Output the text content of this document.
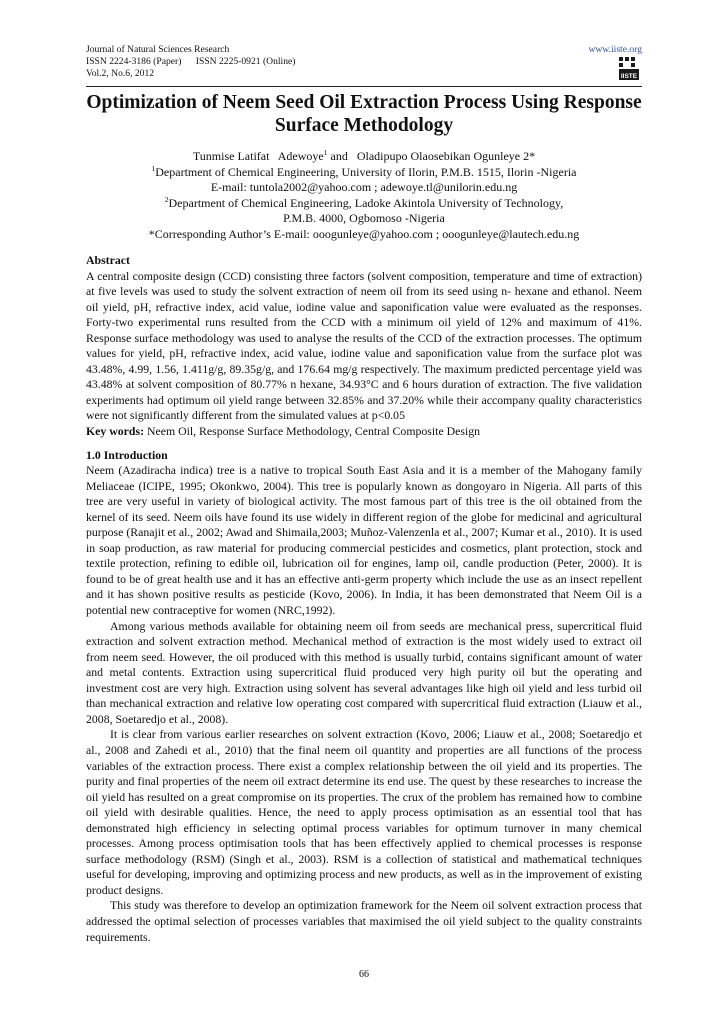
Journal of Natural Sciences Research
ISSN 2224-3186 (Paper)      ISSN 2225-0921 (Online)
Vol.2, No.6, 2012
www.iiste.org
IISTE
Optimization of Neem Seed Oil Extraction Process Using Response
Surface Methodology
Tunmise Latifat   Adewoye$^1$ and   Oladipupo Olaosebikan Ogunleye 2*
$^1$Department of Chemical Engineering, University of Ilorin, P.M.B. 1515, Ilorin -Nigeria
E-mail: tuntola2002@yahoo.com ; adewoye.tl@unilorin.edu.ng
$^2$Department of Chemical Engineering, Ladoke Akintola University of Technology,
P.M.B. 4000, Ogbomoso -Nigeria
*Corresponding Author’s E-mail: ooogunleye@yahoo.com ; ooogunleye@lautech.edu.ng

Abstract

A central composite design (CCD) consisting three factors (solvent composition, temperature and time of extraction) at five levels was used to study the solvent extraction of neem oil from its seed using n- hexane and ethanol. Neem oil yield, pH, refractive index, acid value, iodine value and saponification value were evaluated as the responses. Forty-two experimental runs resulted from the CCD with a minimum oil yield of 12% and maximum of 41%. Response surface methodology was used to analyse the results of the CCD of the extraction processes. The optimum values for yield, pH, refractive index, acid value, iodine value and saponification value from the surface plot was 43.48%, 4.99, 1.56, 1.411g/g, 89.35g/g, and 176.64 mg/g respectively. The maximum predicted percentage yield was 43.48% at solvent composition of 80.77% n hexane, 34.93°C and 6 hours duration of extraction. The five validation experiments had optimum oil yield range between 32.85% and 37.20% while their accompany quality characteristics were not significantly different from the simulated values at p<0.05

Key words: Neem Oil, Response Surface Methodology, Central Composite Design

1.0 Introduction

Neem (Azadiracha indica) tree is a native to tropical South East Asia and it is a member of the Mahogany family Meliaceae (ICIPE, 1995; Okonkwo, 2004). This tree is popularly known as dongoyaro in Nigeria. All parts of this tree are very useful in variety of biological activity. The most famous part of this tree is the oil obtained from the kernel of its seed. Neem oils have found its use widely in different region of the globe for medicinal and agricultural purpose (Ranajit et al., 2002; Awad and Shimaila,2003; Muñoz-Valenzenla et al., 2007; Kumar et al., 2010). It is used in soap production, as raw material for producing commercial pesticides and cosmetics, plant protection, stock and textile protection, refining to edible oil, lubrication oil for engines, lamp oil, candle production (Peter, 2000). It is found to be of great health use and it has an effective anti-germ property which include the use as an insect repellent and it has shown positive results as pesticide (Kovo, 2006). In India, it has been demonstrated that Neem Oil is a potential new contraceptive for women (NRC,1992).

Among various methods available for obtaining neem oil from seeds are mechanical press, supercritical fluid extraction and solvent extraction method. Mechanical method of extraction is the most widely used to extract oil from neem seed. However, the oil produced with this method is usually turbid, contains significant amount of water and metal contents. Extraction using supercritical fluid produced very high purity oil but the operating and investment cost are very high. Extraction using solvent has several advantages like high oil yield and less turbid oil than mechanical extraction and relative low operating cost compared with supercritical fluid extraction (Liauw et al., 2008, Soetaredjo et al., 2008).

It is clear from various earlier researches on solvent extraction (Kovo, 2006; Liauw et al., 2008; Soetaredjo et al., 2008 and Zahedi et al., 2010) that the final neem oil quantity and properties are all functions of the process variables of the extraction process. There exist a complex relationship between the oil yield and its properties. The purity and final properties of the neem oil extract determine its end use. The quest by these researches to increase the oil yield has resulted on a great compromise on its properties. The crux of the problem has remained how to combine oil yield with desirable qualities. Hence, the need to apply process optimisation as an essential tool that has demonstrated high efficiency in selecting optimal process variables for optimum turnover in many chemical processes. Among process optimisation tools that has been effectively applied to chemical processes is response surface methodology (RSM) (Singh et al., 2003). RSM is a collection of statistical and mathematical techniques useful for developing, improving and optimizing process and new products, as well as in the improvement of existing product designs.

This study was therefore to develop an optimization framework for the Neem oil solvent extraction process that addressed the optimal selection of processes variables that maximised the oil yield subject to the quality constraints requirements.

66
